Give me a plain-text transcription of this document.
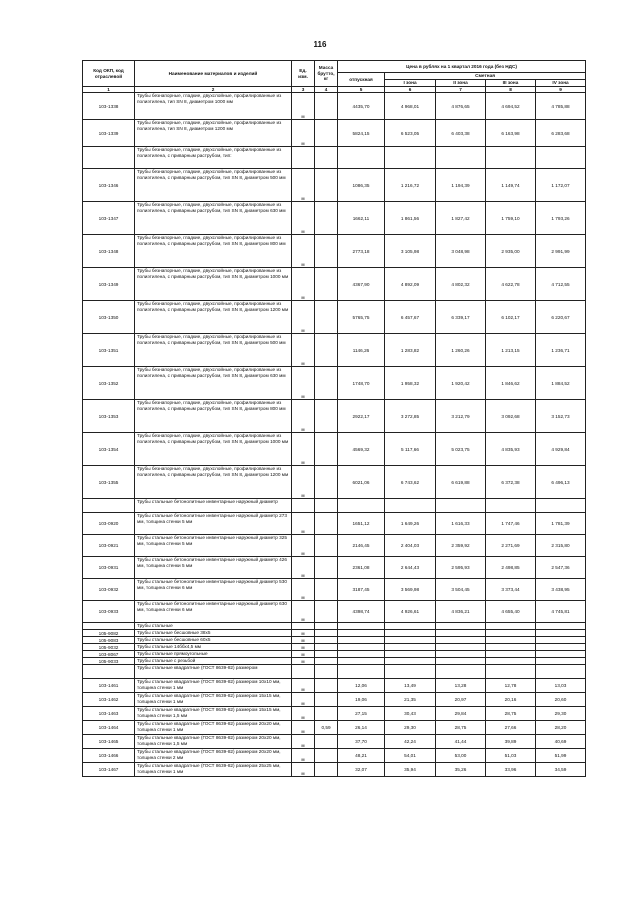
116
Код ОКП, код отраслевой	Наименование материалов и изделий	Ед. изм.	Масса брутто, кг	Цена в рублях на 1 квартал 2016 года (без НДС)				
				отпускная	Сметная			
					I зона	II зона	III зона	IV зона
1	2	3	4	5	6	7	8	9
103-1338	Трубы безнапорные, гладкие, двухслойные, профилированные из полиэтилена, тип SN 8, диаметром 1000 мм	м		4435,70	4 968,01	4 876,65	4 694,52	4 785,88
103-1339	Трубы безнапорные, гладкие, двухслойные, профилированные из полиэтилена, тип SN 8, диаметром 1200 мм	м		5824,15	6 523,05	6 403,38	6 163,98	6 283,68
	Трубы безнапорные, гладкие, двухслойные, профилированные из полиэтилена, с приварным раструбом, тип:							
103-1346	Трубы безнапорные, гладкие, двухслойные, профилированные из полиэтилена, с приварным раструбом, тип SN 8, диаметром 500 мм	м		1086,35	1 216,72	1 194,39	1 149,74	1 172,07
103-1347	Трубы безнапорные, гладкие, двухслойные, профилированные из полиэтилена, с приварным раструбом, тип SN 8, диаметром 630 мм	м		1662,11	1 861,56	1 827,42	1 759,10	1 793,26
103-1348	Трубы безнапорные, гладкие, двухслойные, профилированные из полиэтилена, с приварным раструбом, тип SN 8, диаметром 800 мм	м		2773,18	3 105,98	3 048,98	2 935,00	2 991,99
103-1349	Трубы безнапорные, гладкие, двухслойные, профилированные из полиэтилена, с приварным раструбом, тип SN 8, диаметром 1000 мм	м		4367,90	4 892,09	4 802,32	4 622,78	4 712,55
103-1350	Трубы безнапорные, гладкие, двухслойные, профилированные из полиэтилена, с приварным раструбом, тип SN 8, диаметром 1200 мм	м		5765,75	6 457,67	6 339,17	6 102,17	6 220,67
103-1351	Трубы безнапорные, гладкие, двухслойные, профилированные из полиэтилена, с приварным раструбом, тип SN 8, диаметром 500 мм	м		1146,26	1 283,82	1 260,26	1 213,15	1 236,71
103-1352	Трубы безнапорные, гладкие, двухслойные, профилированные из полиэтилена, с приварным раструбом, тип SN 8, диаметром 630 мм	м		1748,70	1 958,32	1 920,42	1 846,62	1 884,52
103-1353	Трубы безнапорные, гладкие, двухслойные, профилированные из полиэтилена, с приварным раструбом, тип SN 8, диаметром 800 мм	м		2922,17	3 272,85	3 212,79	3 092,68	3 152,73
103-1354	Трубы безнапорные, гладкие, двухслойные, профилированные из полиэтилена, с приварным раструбом, тип SN 8, диаметром 1000 мм	м		4569,32	5 117,66	5 023,75	4 835,93	4 929,84
103-1355	Трубы безнапорные, гладкие, двухслойные, профилированные из полиэтилена, с приварным раструбом, тип SN 8, диаметром 1200 мм	м		6021,06	6 743,62	6 619,88	6 372,38	6 496,13
	Трубы стальные бетонолитные инвентарные наружный диаметр							
103-0920	Трубы стальные бетонолитные инвентарные наружный диаметр 273 мм, толщина стенки 5 мм	м		1651,12	1 649,26	1 616,33	1 747,46	1 781,39
103-0921	Трубы стальные бетонолитные инвентарные наружный диаметр 325 мм, толщина стенки 5 мм	м		2146,45	2 404,03	2 359,92	2 271,69	2 315,80
103-0931	Трубы стальные бетонолитные инвентарные наружный диаметр 426 мм, толщина стенки 5 мм	м		2361,08	2 644,43	2 595,93	2 498,85	2 547,36
103-0932	Трубы стальные бетонолитные инвентарные наружный диаметр 530 мм, толщина стенки 6 мм	м		3187,45	3 569,98	3 504,45	3 373,44	3 438,95
103-0933	Трубы стальные бетонолитные инвентарные наружный диаметр 630 мм, толщина стенки 6 мм	м		4398,74	4 926,61	4 836,21	4 655,40	4 745,81
	Трубы стальные							
105-9082	Трубы стальные бесшовные 38х5	м						
105-9083	Трубы стальные бесшовные 60х5	м						
105-9032	Трубы стальные 14ббх4,5 мм	м						
103-8067	Трубы стальные прямоугольные	м						
105-9033	Трубы стальные с резьбой	м						
	Трубы стальные квадратные (ГОСТ 8639-82) размером							
103-1461	Трубы стальные квадратные (ГОСТ 8639-82) размером 10х10 мм, толщина стенки 1 мм	м		12,06	13,49	13,28	12,78	13,03
103-1462	Трубы стальные квадратные (ГОСТ 8639-82) размером 15х15 мм, толщина стенки 1 мм	м		19,06	21,35	20,97	20,16	20,60
103-1463	Трубы стальные квадратные (ГОСТ 8639-82) размером 15х15 мм, толщина стенки 1,5 мм	м		27,15	30,43	29,84	28,75	29,30
103-1464	Трубы стальные квадратные (ГОСТ 8639-82) размером 20х20 мм, толщина стенки 1 мм	м	0,59	26,14	29,30	28,75	27,66	28,20
103-1465	Трубы стальные квадратные (ГОСТ 8639-82) размером 20х20 мм, толщина стенки 1,5 мм	м		37,70	42,24	41,44	39,89	40,69
103-1466	Трубы стальные квадратные (ГОСТ 8639-82) размером 20х20 мм, толщина стенки 2 мм	м		48,21	54,01	53,00	51,03	51,99
103-1467	Трубы стальные квадратные (ГОСТ 8639-82) размером 25х25 мм, толщина стенки 1 мм	м		32,07	35,94	35,26	33,96	34,59
